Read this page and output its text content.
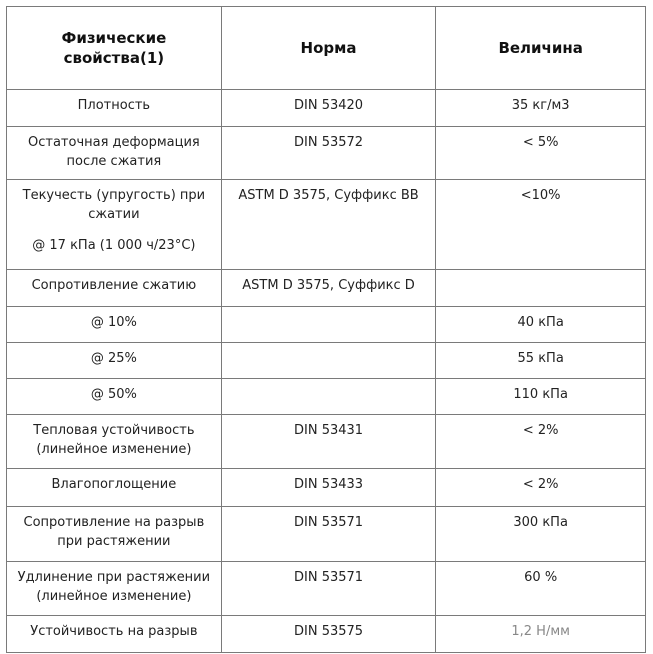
Физические
свойства(1)	Норма	Величина

Плотность	DIN 53420	35 кг/м3

Остаточная деформация
после сжатия	DIN 53572	< 5%

Текучесть (упругость) при
сжатии
@ 17 кПа (1 000 ч/23°С)	ASTM D 3575, Суффикс BB	<10%

Сопротивление сжатию	ASTM D 3575, Суффикс D	

@ 10%		40 кПа

@ 25%		55 кПа

@ 50%		110 кПа

Тепловая устойчивость
(линейное изменение)	DIN 53431	< 2%

Влагопоглощение	DIN 53433	< 2%

Сопротивление на разрыв
при растяжении	DIN 53571	300 кПа

Удлинение при растяжении
(линейное изменение)	DIN 53571	60 %

Устойчивость на разрыв	DIN 53575	1,2 Н/мм
